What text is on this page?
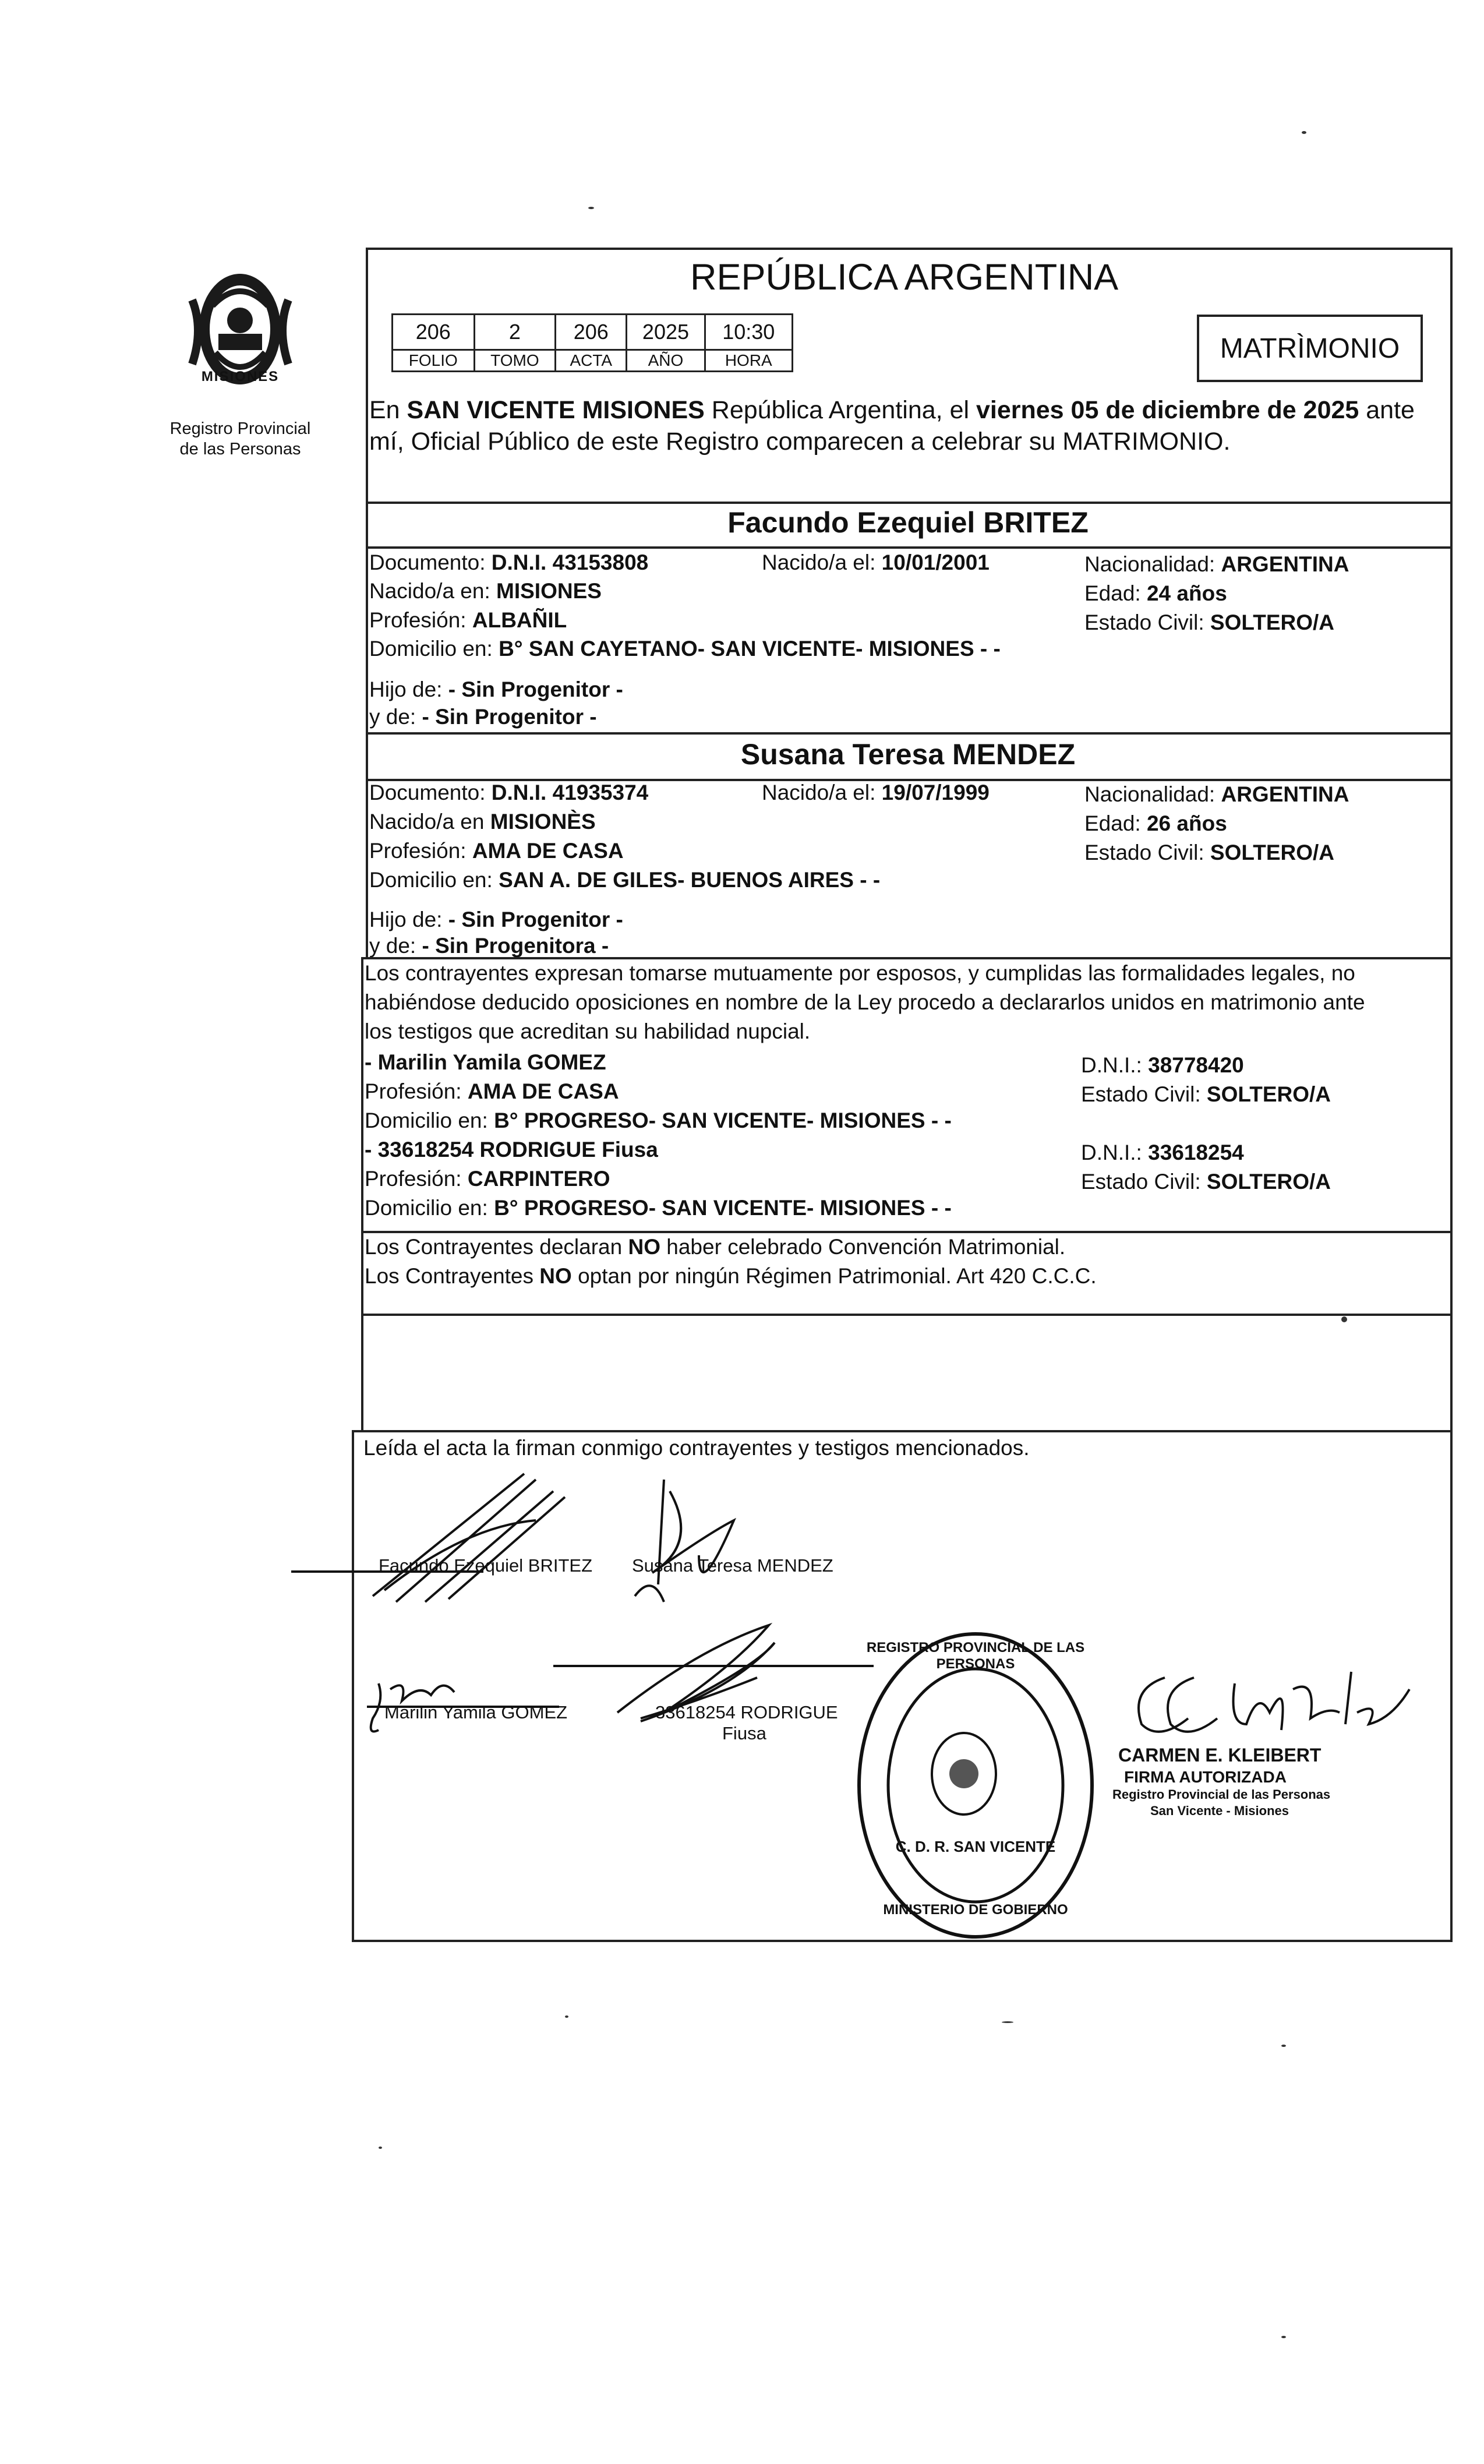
MISIONES
Registro Provincial
de las Personas
REPÚBLICA ARGENTINA
206	2	206	2025	10:30
FOLIO	TOMO	ACTA	AÑO	HORA	MATRÌMONIO
En SAN VICENTE MISIONES República Argentina, el viernes 05 de diciembre de 2025 ante
mí, Oficial Público de este Registro comparecen a celebrar su MATRIMONIO.
Facundo Ezequiel BRITEZ
Documento: D.N.I. 43153808	Nacido/a el: 10/01/2001	Nacionalidad: ARGENTINA
Nacido/a en: MISIONES	Edad: 24 años
Profesión: ALBAÑIL	Estado Civil: SOLTERO/A
Domicilio en: B° SAN CAYETANO- SAN VICENTE- MISIONES - -
Hijo de: - Sin Progenitor -
y de: - Sin Progenitor -
Susana Teresa MENDEZ
Documento: D.N.I. 41935374	Nacido/a el: 19/07/1999	Nacionalidad: ARGENTINA
Nacido/a en MISIONÈS	Edad: 26 años
Profesión: AMA DE CASA	Estado Civil: SOLTERO/A
Domicilio en: SAN A. DE GILES- BUENOS AIRES - -
Hijo de: - Sin Progenitor -
y de: - Sin Progenitora -
Los contrayentes expresan tomarse mutuamente por esposos, y cumplidas las formalidades legales, no
habiéndose deducido oposiciones en nombre de la Ley procedo a declararlos unidos en matrimonio ante
los testigos que acreditan su habilidad nupcial.
- Marilin Yamila GOMEZ	D.N.I.: 38778420
Profesión: AMA DE CASA	Estado Civil: SOLTERO/A
Domicilio en: B° PROGRESO- SAN VICENTE- MISIONES - -
- 33618254 RODRIGUE Fiusa	D.N.I.: 33618254
Profesión: CARPINTERO	Estado Civil: SOLTERO/A
Domicilio en: B° PROGRESO- SAN VICENTE- MISIONES - -
Los Contrayentes declaran NO haber celebrado Convención Matrimonial.
Los Contrayentes NO optan por ningún Régimen Patrimonial. Art 420 C.C.C.
Leída el acta la firman conmigo contrayentes y testigos mencionados.
Facundo Ezequiel BRITEZ Susana Teresa MENDEZ
Marilin Yamila GOMEZ	33618254 RODRIGUE
Fiusa
REGISTRO PROVINCIAL DE LAS PERSONAS
C. D. R. SAN VICENTE
MINISTERIO DE GOBIERNO
CARMEN E. KLEIBERT
FIRMA AUTORIZADA
Registro Provincial de las Personas
San Vicente - Misiones
